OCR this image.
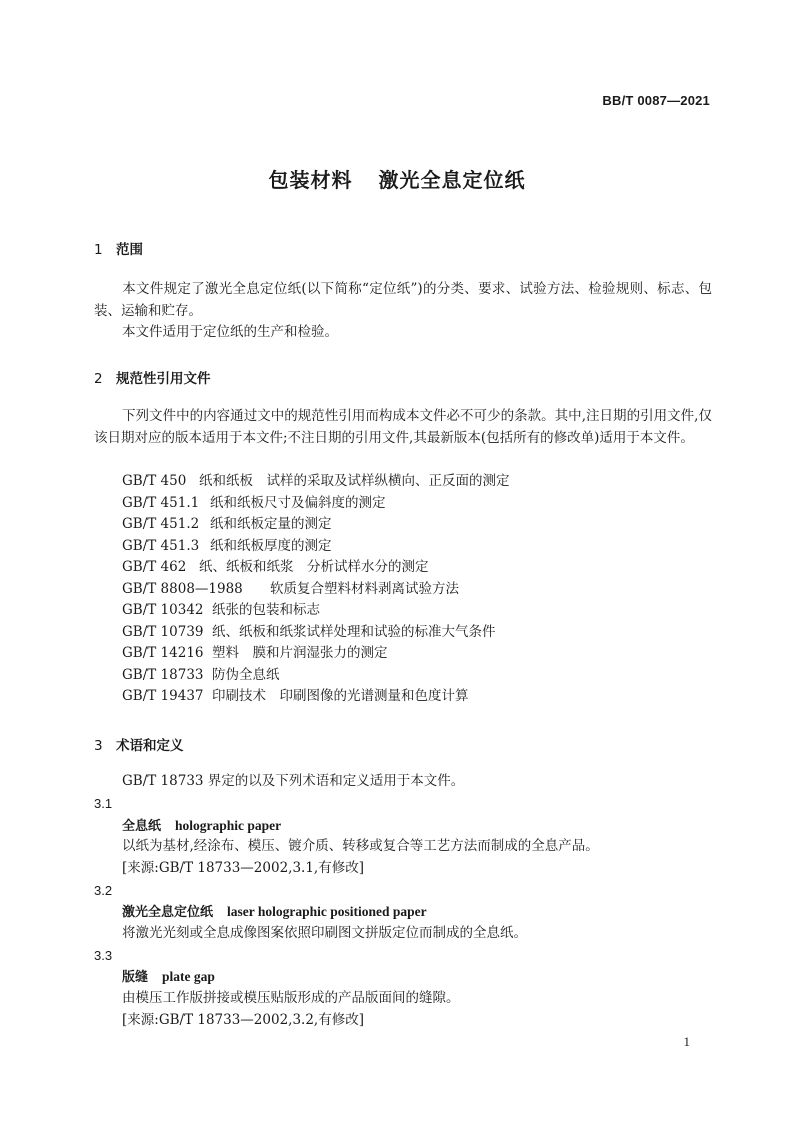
BB/T 0087—2021
包装材料 激光全息定位纸
1 范围
本文件规定了激光全息定位纸(以下简称“定位纸”)的分类、要求、试验方法、检验规则、标志、包装、运输和贮存。
本文件适用于定位纸的生产和检验。
2 规范性引用文件
下列文件中的内容通过文中的规范性引用而构成本文件必不可少的条款。其中,注日期的引用文件,仅该日期对应的版本适用于本文件;不注日期的引用文件,其最新版本(包括所有的修改单)适用于本文件。
GB/T 450 纸和纸板　试样的采取及试样纵横向、正反面的测定
GB/T 451.1 纸和纸板尺寸及偏斜度的测定
GB/T 451.2 纸和纸板定量的测定
GB/T 451.3 纸和纸板厚度的测定
GB/T 462 纸、纸板和纸浆　分析试样水分的测定
GB/T 8808—1988 软质复合塑料材料剥离试验方法
GB/T 10342 纸张的包装和标志
GB/T 10739 纸、纸板和纸浆试样处理和试验的标准大气条件
GB/T 14216 塑料　膜和片润湿张力的测定
GB/T 18733 防伪全息纸
GB/T 19437 印刷技术　印刷图像的光谱测量和色度计算
3 术语和定义
GB/T 18733 界定的以及下列术语和定义适用于本文件。
3.1
全息纸 holographic paper
以纸为基材,经涂布、模压、镀介质、转移或复合等工艺方法而制成的全息产品。
[来源:GB/T 18733—2002,3.1,有修改]
3.2
激光全息定位纸 laser holographic positioned paper
将激光光刻或全息成像图案依照印刷图文拼版定位而制成的全息纸。
3.3
版缝 plate gap
由模压工作版拼接或模压贴版形成的产品版面间的缝隙。
[来源:GB/T 18733—2002,3.2,有修改]
1
